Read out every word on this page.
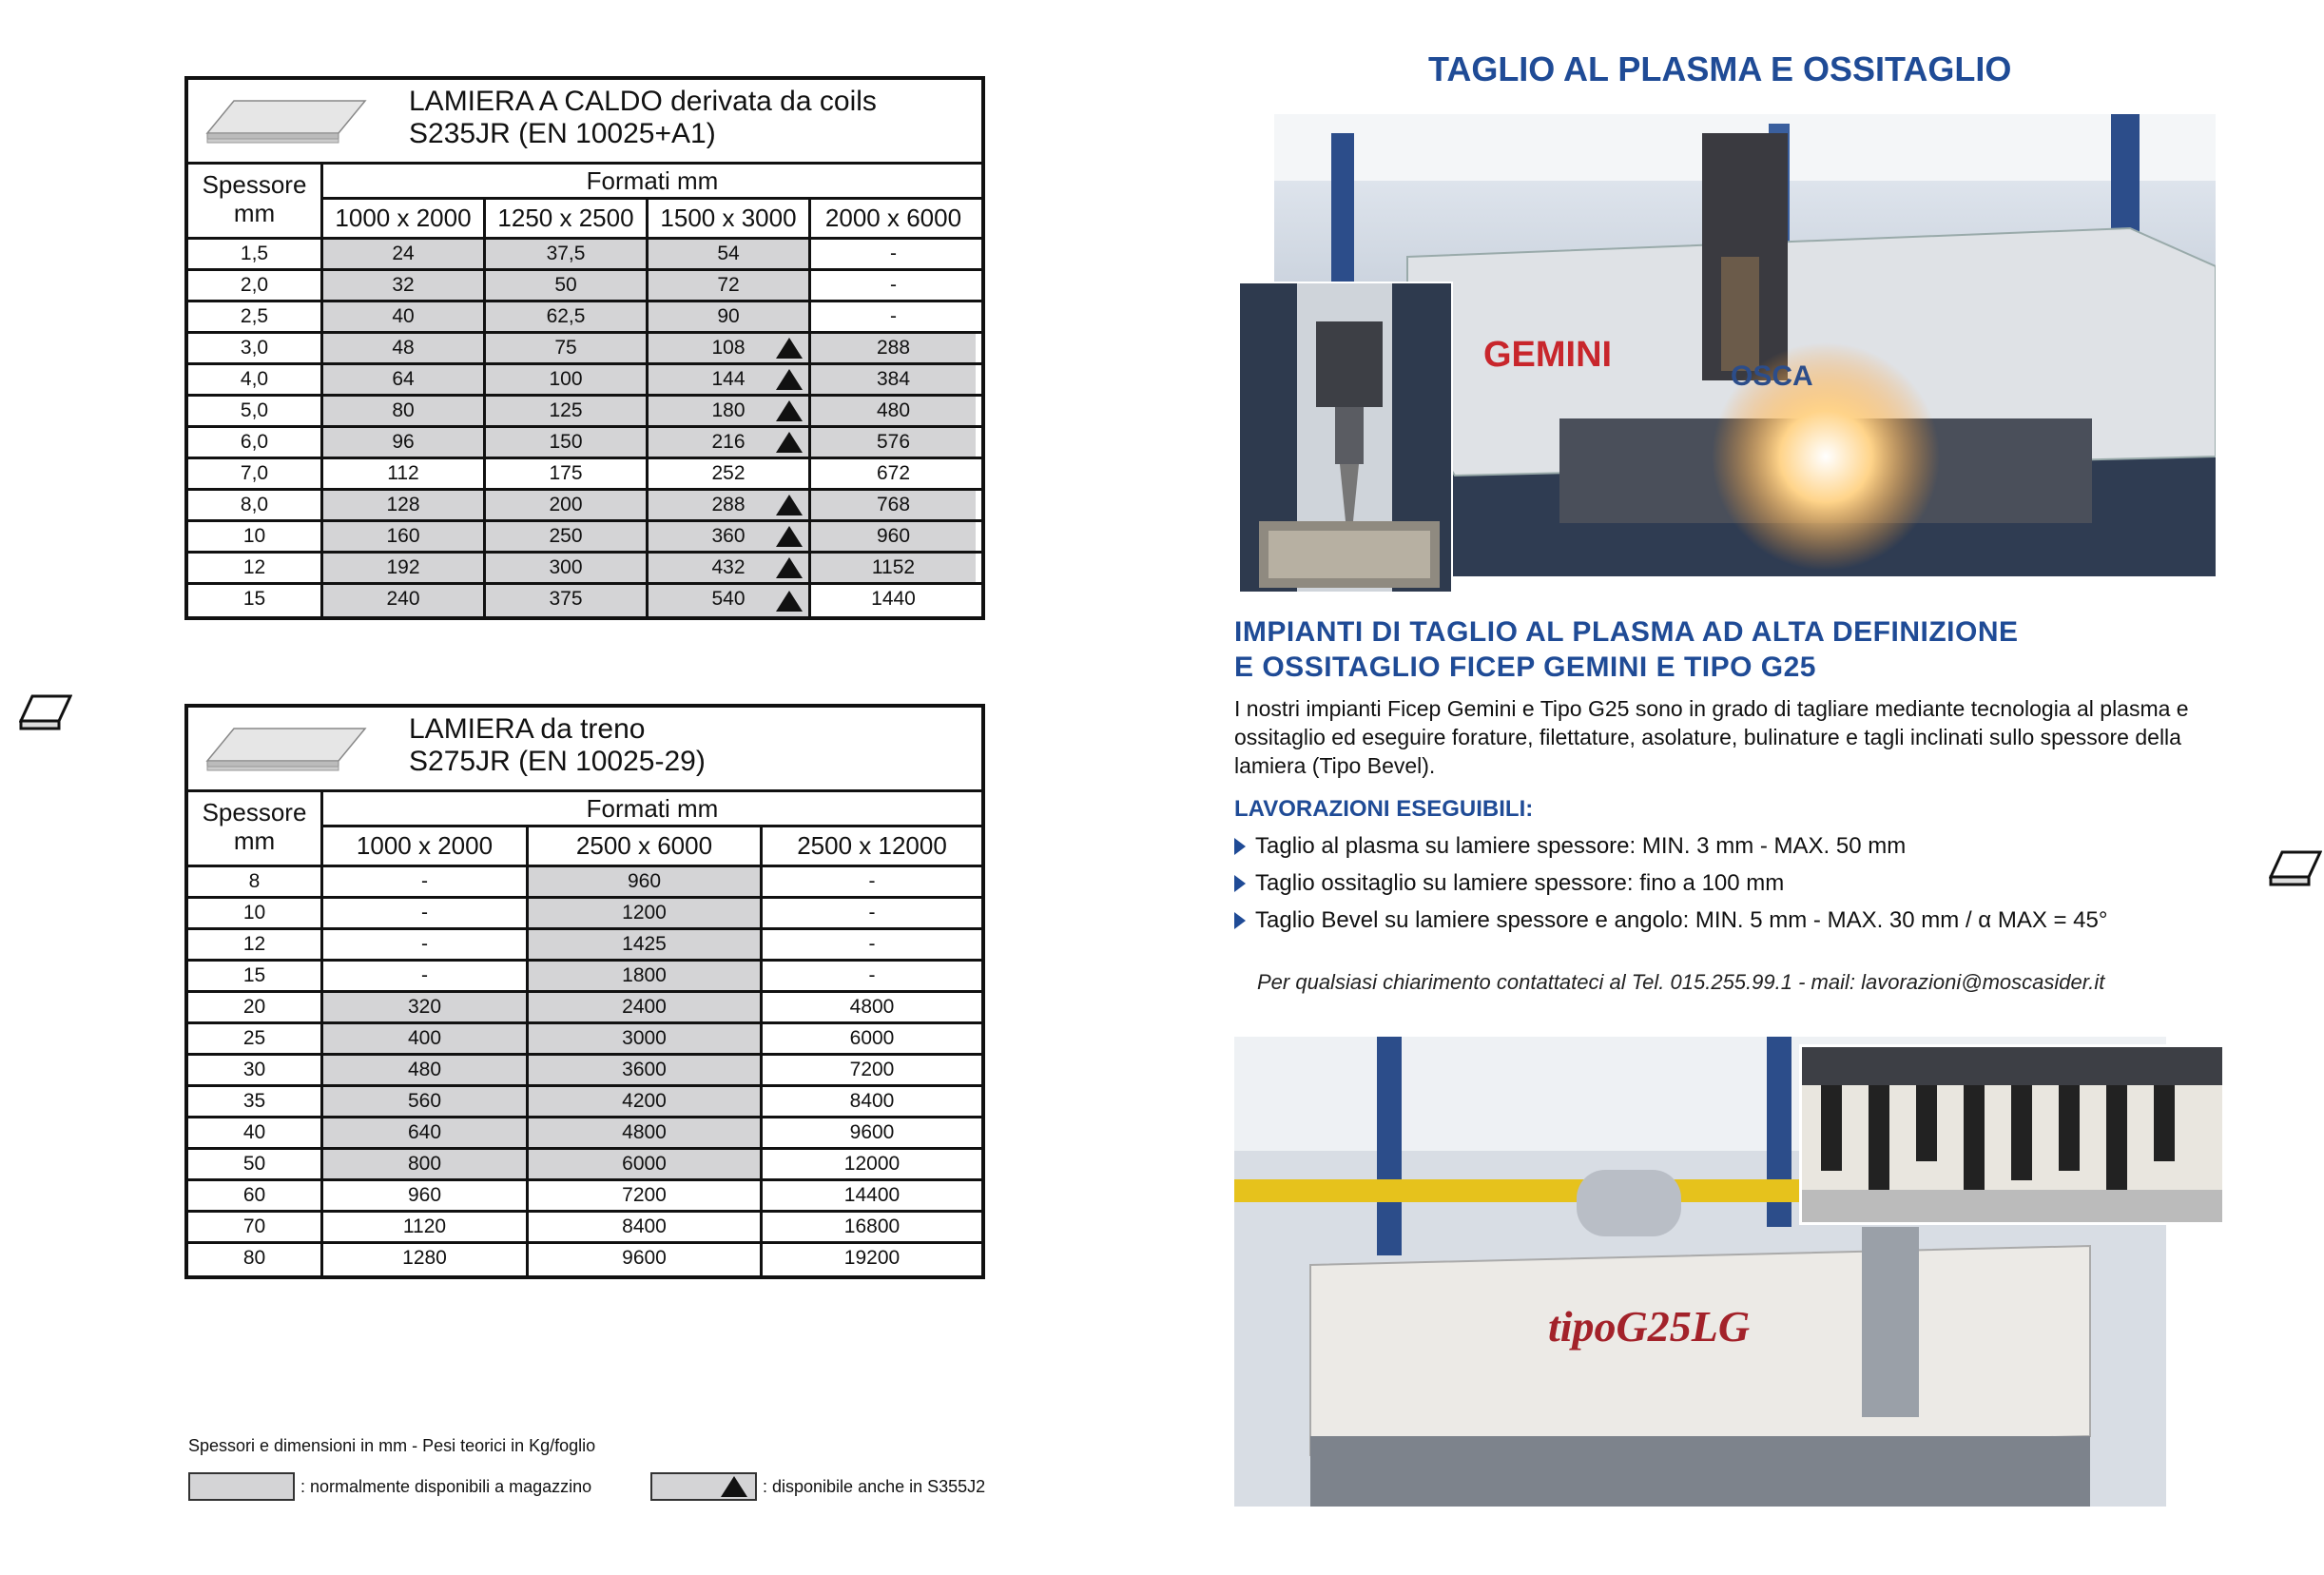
LAMIERA A CALDO derivata da coils
S235JR (EN 10025+A1)
Spessore
mm
Formati mm
1000 x 2000	1250 x 2500	1500 x 3000	2000 x 6000
1,5	24	37,5	54	-
2,0	32	50	72	-
2,5	40	62,5	90	-
3,0	48	75	108	288
4,0	64	100	144	384
5,0	80	125	180	480
6,0	96	150	216	576
7,0	112	175	252	672
8,0	128	200	288	768
10	160	250	360	960
12	192	300	432	1152
15	240	375	540	1440
LAMIERA da treno
S275JR (EN 10025-29)
Spessore
mm
Formati mm
1000 x 2000	2500 x 6000	2500 x 12000
8	-	960	-
10	-	1200	-
12	-	1425	-
15	-	1800	-
20	320	2400	4800
25	400	3000	6000
30	480	3600	7200
35	560	4200	8400
40	640	4800	9600
50	800	6000	12000
60	960	7200	14400
70	1120	8400	16800
80	1280	9600	19200
Spessori e dimensioni in mm - Pesi teorici in Kg/foglio
: normalmente disponibili a magazzino	: disponibile anche in S355J2
TAGLIO AL PLASMA E OSSITAGLIO
GEMINI
OSCA
IMPIANTI DI TAGLIO AL PLASMA AD ALTA DEFINIZIONE
E OSSITAGLIO FICEP GEMINI E TIPO G25
I nostri impianti Ficep Gemini e Tipo G25 sono in grado di tagliare mediante tecnologia al plasma e ossitaglio ed eseguire forature, filettature, asolature, bulinature e tagli inclinati sullo spessore della lamiera (Tipo Bevel).
LAVORAZIONI ESEGUIBILI:
Taglio al plasma su lamiere spessore: MIN. 3 mm - MAX. 50 mm
Taglio ossitaglio su lamiere spessore: fino a 100 mm
Taglio Bevel su lamiere spessore e angolo: MIN. 5 mm - MAX. 30 mm / α MAX = 45°
Per qualsiasi chiarimento contattateci al Tel. 015.255.99.1 - mail: lavorazioni@moscasider.it
tipoG25LG
